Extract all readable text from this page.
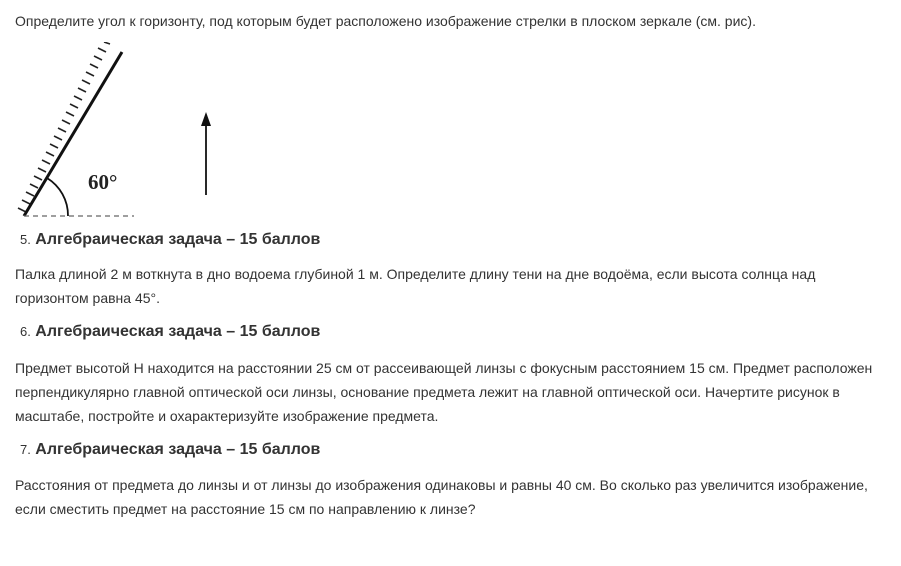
Определите угол к горизонту, под которым будет расположено изображение стрелки в плоском зеркале (см. рис).

60°

5. Алгебраическая задача – 15 баллов

Палка длиной 2 м воткнута в дно водоема глубиной 1 м. Определите длину тени на дне водоёма, если высота солнца над горизонтом равна 45°.

6. Алгебраическая задача – 15 баллов

Предмет высотой Н находится на расстоянии 25 см от рассеивающей линзы с фокусным расстоянием 15 см. Предмет расположен перпендикулярно главной оптической оси линзы, основание предмета лежит на главной оптической оси. Начертите рисунок в масштабе, постройте и охарактеризуйте изображение предмета.

7. Алгебраическая задача – 15 баллов

Расстояния от предмета до линзы и от линзы до изображения одинаковы и равны 40 см. Во сколько раз увеличится изображение, если сместить предмет на расстояние 15 см по направлению к линзе?
